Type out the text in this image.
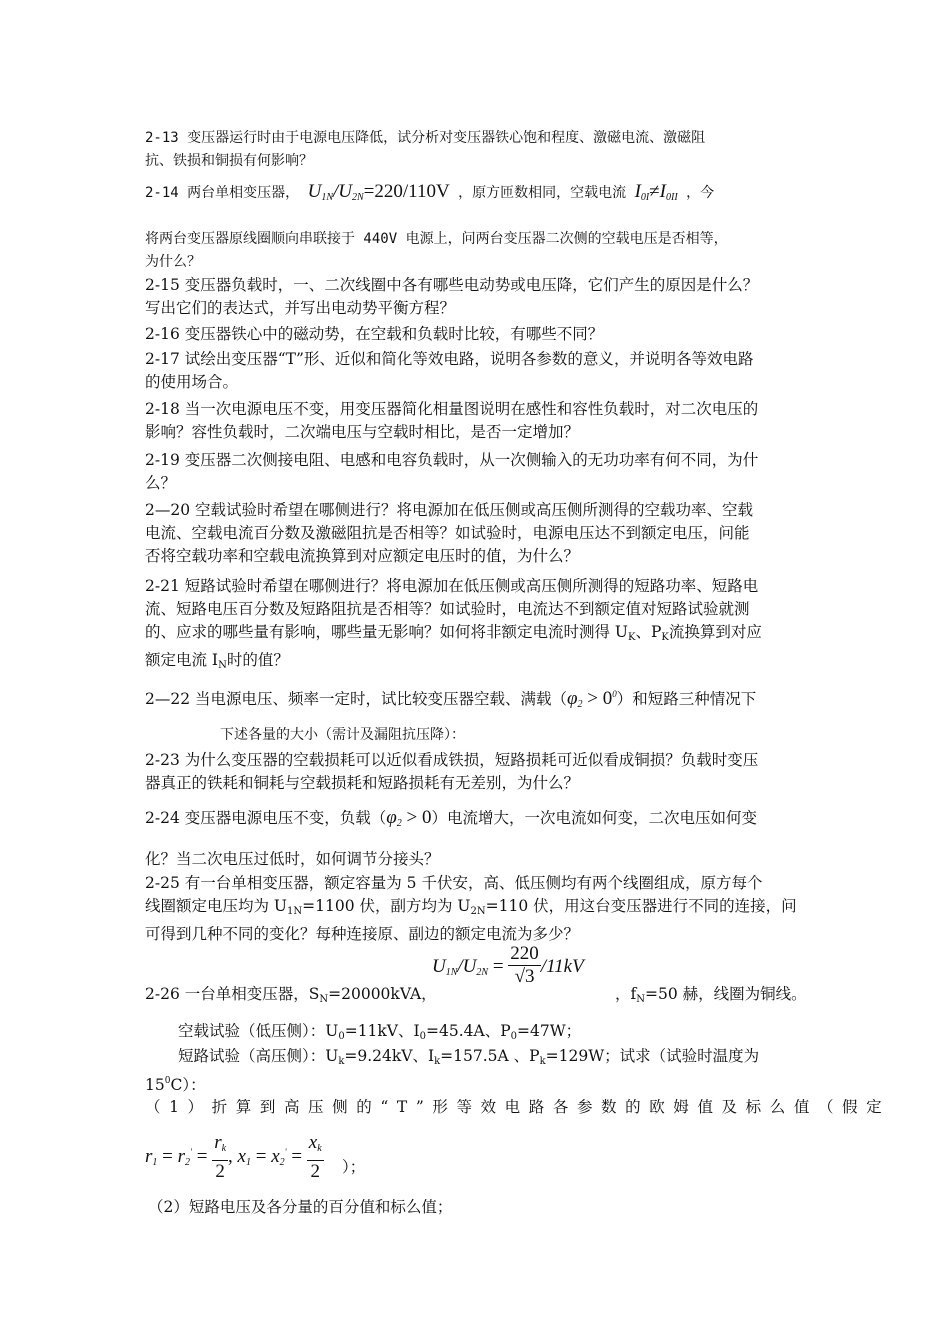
2-13 变压器运行时由于电源电压降低，试分析对变压器铁心饱和程度、激磁电流、激磁阻
抗、铁损和铜损有何影响？

2-14 两台单相变压器， $U_{1N}/U_{2N}=220/110V$ ，原方匝数相同，空载电流 $I_{0I}\ne I_{0II}$ ，今

将两台变压器原线圈顺向串联接于 440V 电源上，问两台变压器二次侧的空载电压是否相等，
为什么？

2-15 变压器负载时，一、二次线圈中各有哪些电动势或电压降，它们产生的原因是什么？
写出它们的表达式，并写出电动势平衡方程？

2-16 变压器铁心中的磁动势，在空载和负载时比较，有哪些不同？

2-17 试绘出变压器“T”形、近似和简化等效电路，说明各参数的意义，并说明各等效电路
的使用场合。

2-18 当一次电源电压不变，用变压器简化相量图说明在感性和容性负载时，对二次电压的
影响？容性负载时，二次端电压与空载时相比，是否一定增加？

2-19 变压器二次侧接电阻、电感和电容负载时，从一次侧输入的无功功率有何不同，为什
么？

2—20 空载试验时希望在哪侧进行？将电源加在低压侧或高压侧所测得的空载功率、空载
电流、空载电流百分数及激磁阻抗是否相等？如试验时，电源电压达不到额定电压，问能
否将空载功率和空载电流换算到对应额定电压时的值，为什么？

2-21 短路试验时希望在哪侧进行？将电源加在低压侧或高压侧所测得的短路功率、短路电
流、短路电压百分数及短路阻抗是否相等？如试验时，电流达不到额定值对短路试验就测
的、应求的哪些量有影响，哪些量无影响？如何将非额定电流时测得 UK、PK流换算到对应
额定电流 IN时的值？

2—22 当电源电压、频率一定时，试比较变压器空载、满载$(\varphi_2 > 0^0)$和短路三种情况下

下述各量的大小（需计及漏阻抗压降）：

2-23 为什么变压器的空载损耗可以近似看成铁损，短路损耗可近似看成铜损？负载时变压
器真正的铁耗和铜耗与空载损耗和短路损耗有无差别，为什么？

2-24 变压器电源电压不变，负载$(\varphi_2 > 0)$电流增大，一次电流如何变，二次电压如何变

化？当二次电压过低时，如何调节分接头？

2-25 有一台单相变压器，额定容量为 5 千伏安，高、低压侧均有两个线圈组成，原方每个
线圈额定电压均为 U1N=1100 伏，副方均为 U2N=110 伏，用这台变压器进行不同的连接，问
可得到几种不同的变化？每种连接原、副边的额定电流为多少？

2-26 一台单相变压器，SN=20000kVA，
$U_{1N}/U_{2N} = \frac{220}{√3} /11kV$
，fN=50 赫，线圈为铜线。

空载试验（低压侧）：U0=11kV、I0=45.4A、P0=47W；

短路试验（高压侧）：Uk=9.24kV、Ik=157.5A 、Pk=129W；试求（试验时温度为

$15^0C$）：

（1）折算到高压侧的“T”形等效电路各参数的欧姆值及标么值（假定

$r_1 = r_2' = \frac{r_k}{2}$ , $x_1 = x_2' = \frac{x_k}{2}$ ）；

（2）短路电压及各分量的百分值和标么值；
